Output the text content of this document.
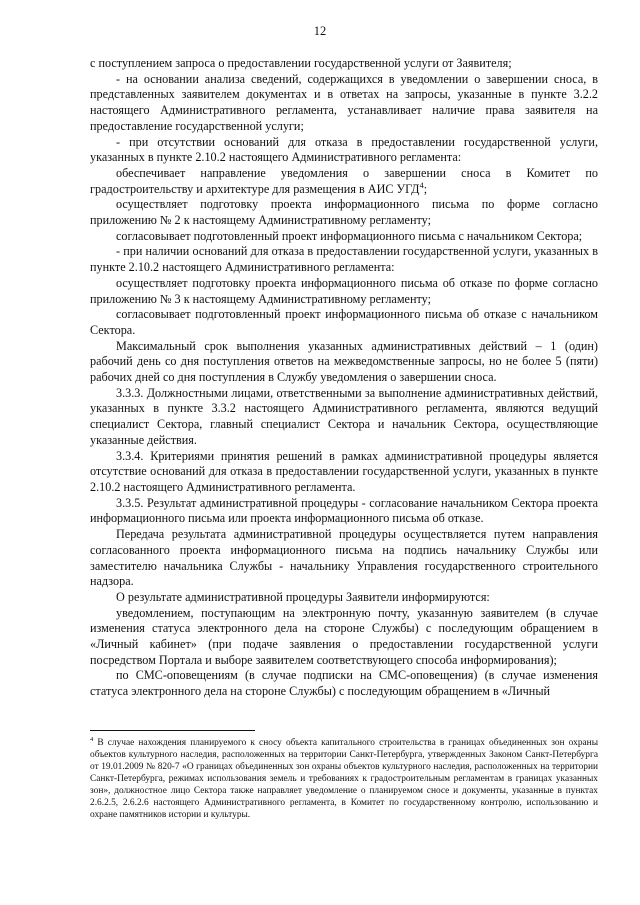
12

с поступлением запроса о предоставлении государственной услуги от Заявителя;

- на основании анализа сведений, содержащихся в уведомлении о завершении сноса, в представленных заявителем документах и в ответах на запросы, указанные в пункте 3.2.2 настоящего Административного регламента, устанавливает наличие права заявителя на предоставление государственной услуги;

- при отсутствии оснований для отказа в предоставлении государственной услуги, указанных в пункте 2.10.2 настоящего Административного регламента:

обеспечивает направление уведомления о завершении сноса в Комитет по градостроительству и архитектуре для размещения в АИС УГД$^4$;

осуществляет подготовку проекта информационного письма по форме согласно приложению № 2 к настоящему Административному регламенту;

согласовывает подготовленный проект информационного письма с начальником Сектора;

- при наличии оснований для отказа в предоставлении государственной услуги, указанных в пункте 2.10.2 настоящего Административного регламента:

осуществляет подготовку проекта информационного письма об отказе по форме согласно приложению № 3 к настоящему Административному регламенту;

согласовывает подготовленный проект информационного письма об отказе с начальником Сектора.

Максимальный срок выполнения указанных административных действий – 1 (один) рабочий день со дня поступления ответов на межведомственные запросы, но не более 5 (пяти) рабочих дней со дня поступления в Службу уведомления о завершении сноса.

3.3.3. Должностными лицами, ответственными за выполнение административных действий, указанных в пункте 3.3.2 настоящего Административного регламента, являются ведущий специалист Сектора, главный специалист Сектора и начальник Сектора, осуществляющие указанные действия.

3.3.4. Критериями принятия решений в рамках административной процедуры является отсутствие оснований для отказа в предоставлении государственной услуги, указанных в пункте 2.10.2 настоящего Административного регламента.

3.3.5. Результат административной процедуры - согласование начальником Сектора проекта информационного письма или проекта информационного письма об отказе.

Передача результата административной процедуры осуществляется путем направления согласованного проекта информационного письма на подпись начальнику Службы или заместителю начальника Службы - начальнику Управления государственного строительного надзора.

О результате административной процедуры Заявители информируются:

уведомлением, поступающим на электронную почту, указанную заявителем (в случае изменения статуса электронного дела на стороне Службы) с последующим обращением в «Личный кабинет» (при подаче заявления о предоставлении государственной услуги посредством Портала и выборе заявителем соответствующего способа информирования);

по СМС-оповещениям (в случае подписки на СМС-оповещения) (в случае изменения статуса электронного дела на стороне Службы) с последующим обращением в «Личный

$^4$ В случае нахождения планируемого к сносу объекта капитального строительства в границах объединенных зон охраны объектов культурного наследия, расположенных на территории Санкт-Петербурга, утвержденных Законом Санкт-Петербурга от 19.01.2009 № 820-7 «О границах объединенных зон охраны объектов культурного наследия, расположенных на территории Санкт-Петербурга, режимах использования земель и требованиях к градостроительным регламентам в границах указанных зон», должностное лицо Сектора также направляет уведомление о планируемом сносе и документы, указанные в пунктах 2.6.2.5, 2.6.2.6 настоящего Административного регламента, в Комитет по государственному контролю, использованию и охране памятников истории и культуры.
